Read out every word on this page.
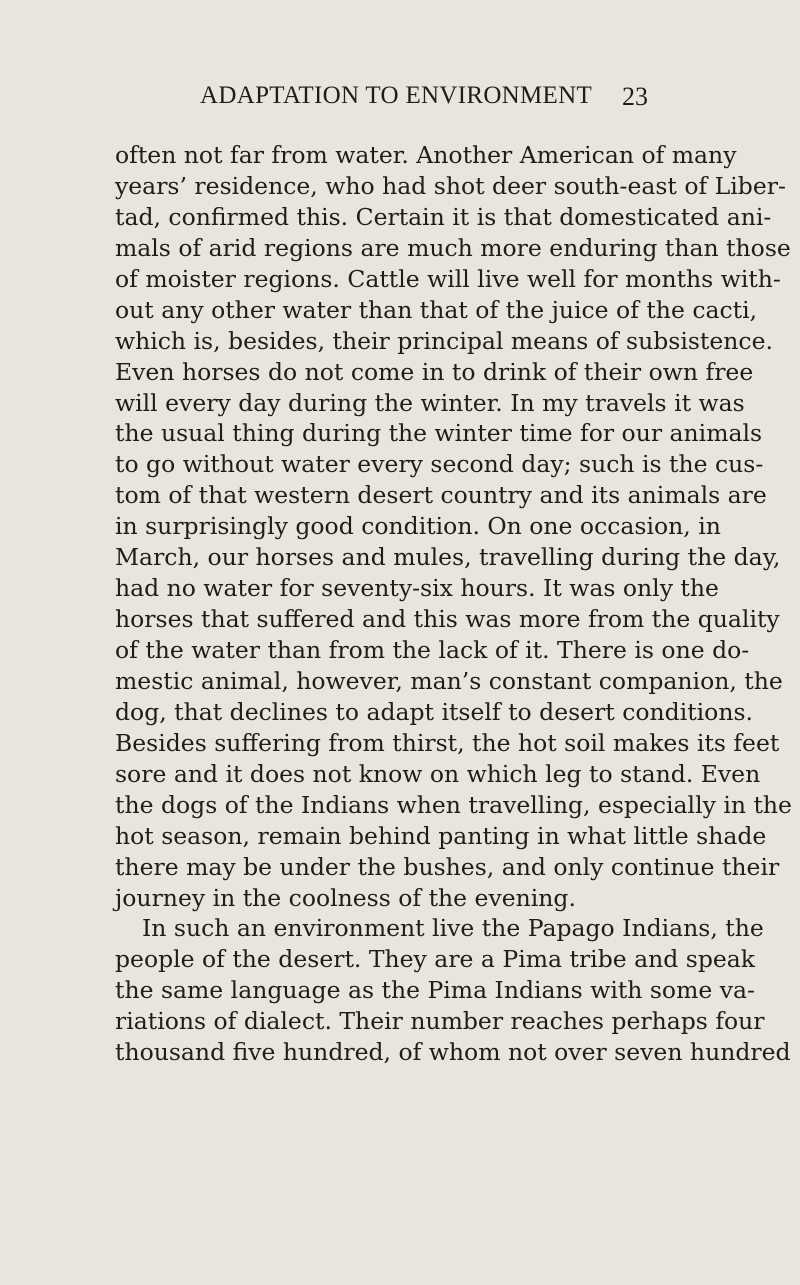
ADAPTATION TO ENVIRONMENT 23
often not far from water. Another American of many
years’ residence, who had shot deer south-east of Liber-
tad, confirmed this. Certain it is that domesticated ani-
mals of arid regions are much more enduring than those
of moister regions. Cattle will live well for months with-
out any other water than that of the juice of the cacti,
which is, besides, their principal means of subsistence.
Even horses do not come in to drink of their own free
will every day during the winter. In my travels it was
the usual thing during the winter time for our animals
to go without water every second day; such is the cus-
tom of that western desert country and its animals are
in surprisingly good condition. On one occasion, in
March, our horses and mules, travelling during the day,
had no water for seventy-six hours. It was only the
horses that suffered and this was more from the quality
of the water than from the lack of it. There is one do-
mestic animal, however, man’s constant companion, the
dog, that declines to adapt itself to desert conditions.
Besides suffering from thirst, the hot soil makes its feet
sore and it does not know on which leg to stand. Even
the dogs of the Indians when travelling, especially in the
hot season, remain behind panting in what little shade
there may be under the bushes, and only continue their
journey in the coolness of the evening.
In such an environment live the Papago Indians, the
people of the desert. They are a Pima tribe and speak
the same language as the Pima Indians with some va-
riations of dialect. Their number reaches perhaps four
thousand five hundred, of whom not over seven hundred
